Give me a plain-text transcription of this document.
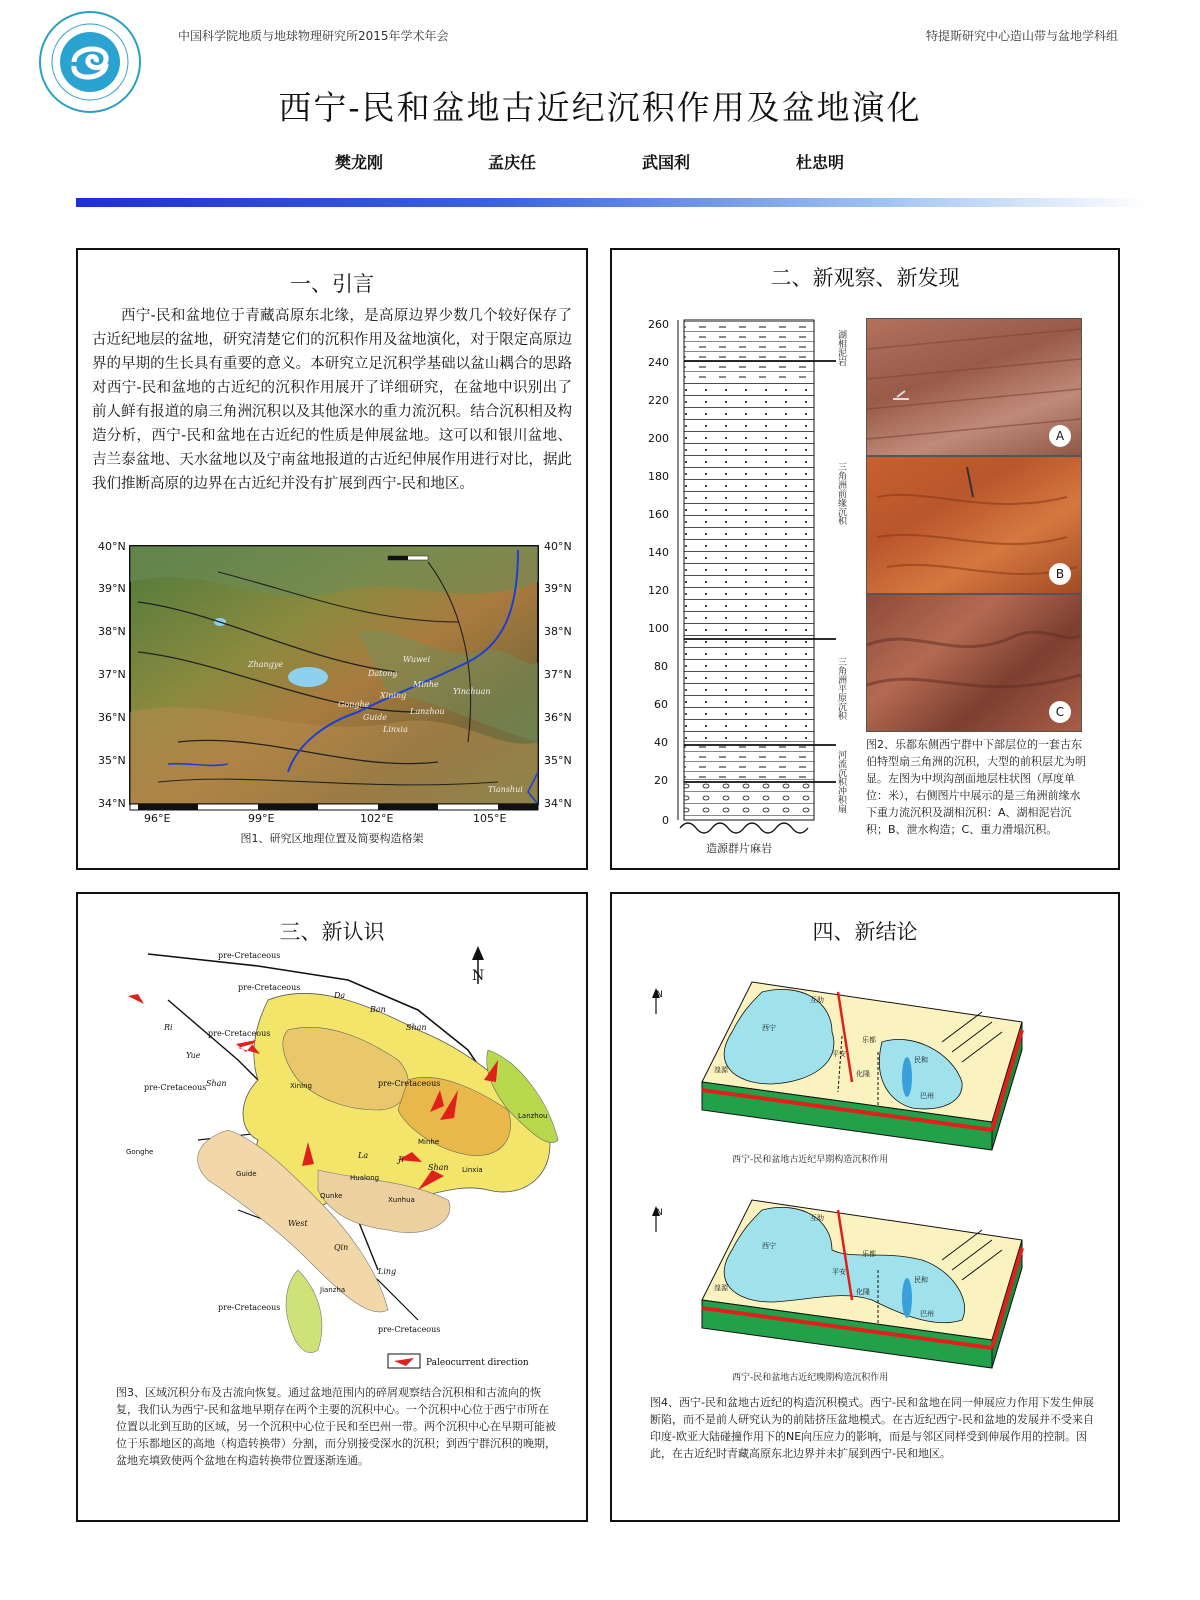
中国科学院地质与地球物理研究所2015年学术年会	特提斯研究中心造山带与盆地学科组
西宁-民和盆地古近纪沉积作用及盆地演化
樊龙刚	孟庆任	武国利	杜忠明
一、引言
西宁-民和盆地位于青藏高原东北缘，是高原边界少数几个较好保存了古近纪地层的盆地，研究清楚它们的沉积作用及盆地演化，对于限定高原边界的早期的生长具有重要的意义。本研究立足沉积学基础以盆山耦合的思路对西宁-民和盆地的古近纪的沉积作用展开了详细研究，在盆地中识别出了前人鲜有报道的扇三角洲沉积以及其他深水的重力流沉积。结合沉积相及构造分析，西宁-民和盆地在古近纪的性质是伸展盆地。这可以和银川盆地、吉兰泰盆地、天水盆地以及宁南盆地报道的古近纪伸展作用进行对比，据此我们推断高原的边界在古近纪并没有扩展到西宁-民和地区。
40°N
39°N
38°N
37°N
36°N
35°N
34°N
40°N
39°N
38°N
37°N
36°N
35°N
34°N
96°E	99°E	102°E	105°E
Xining
Minhe
Lanzhou
Yinchuan
Linxia
Datong
Gonghe
Guide
Zhangye
Wuwei
Tianshui
图1、研究区地理位置及简要构造格架
二、新观察、新发现
260
240
220
200
180
160
140
120
100
80
60
40
20
0
湖相泥岩
三角洲前缘沉积
三角洲平原沉积
河流沉积
冲积扇
造源群片麻岩
A
B
C
图2、乐都东侧西宁群中下部层位的一套古东伯特型扇三角洲的沉积，大型的前积层尤为明显。左图为中坝沟剖面地层柱状图（厚度单位：米），右侧图片中展示的是三角洲前缘水下重力流沉积及湖相沉积：A、湖相泥岩沉积；B、泄水构造；C、重力滑塌沉积。
三、新认识
N
pre-Cretaceous
pre-Cretaceous
pre-Cretaceous
pre-Cretaceous	pre-Cretaceous
pre-Cretaceous
pre-Cretaceous
Da
Ban
Shan
Ri
Yue
Shan
La	Ji
Shan
West
Qin
Ling
Xining
Minhe
Lanzhou
Guide	Hualong
Xunhua
Qunke
Jianzha
Linxia
Gonghe
Paleocurrent direction
图3、区域沉积分布及古流向恢复。通过盆地范围内的碎屑观察结合沉积相和古流向的恢复，我们认为西宁-民和盆地早期存在两个主要的沉积中心。一个沉积中心位于西宁市所在位置以北到互助的区域，另一个沉积中心位于民和至巴州一带。两个沉积中心在早期可能被位于乐都地区的高地（构造转换带）分割，而分别接受深水的沉积；到西宁群沉积的晚期，盆地充填致使两个盆地在构造转换带位置逐渐连通。
四、新结论
互助
西宁
乐都
平安
湟源	化隆
民和
巴州
N
西宁-民和盆地古近纪早期构造沉积作用
互助
西宁
乐都
平安
湟源	化隆
民和
巴州
N
西宁-民和盆地古近纪晚期构造沉积作用
图4、西宁-民和盆地古近纪的构造沉积模式。西宁-民和盆地在同一伸展应力作用下发生伸展断陷，而不是前人研究认为的前陆挤压盆地模式。在古近纪西宁-民和盆地的发展并不受来自印度-欧亚大陆碰撞作用下的NE向压应力的影响，而是与邻区同样受到伸展作用的控制。因此，在古近纪时青藏高原东北边界并未扩展到西宁-民和地区。
